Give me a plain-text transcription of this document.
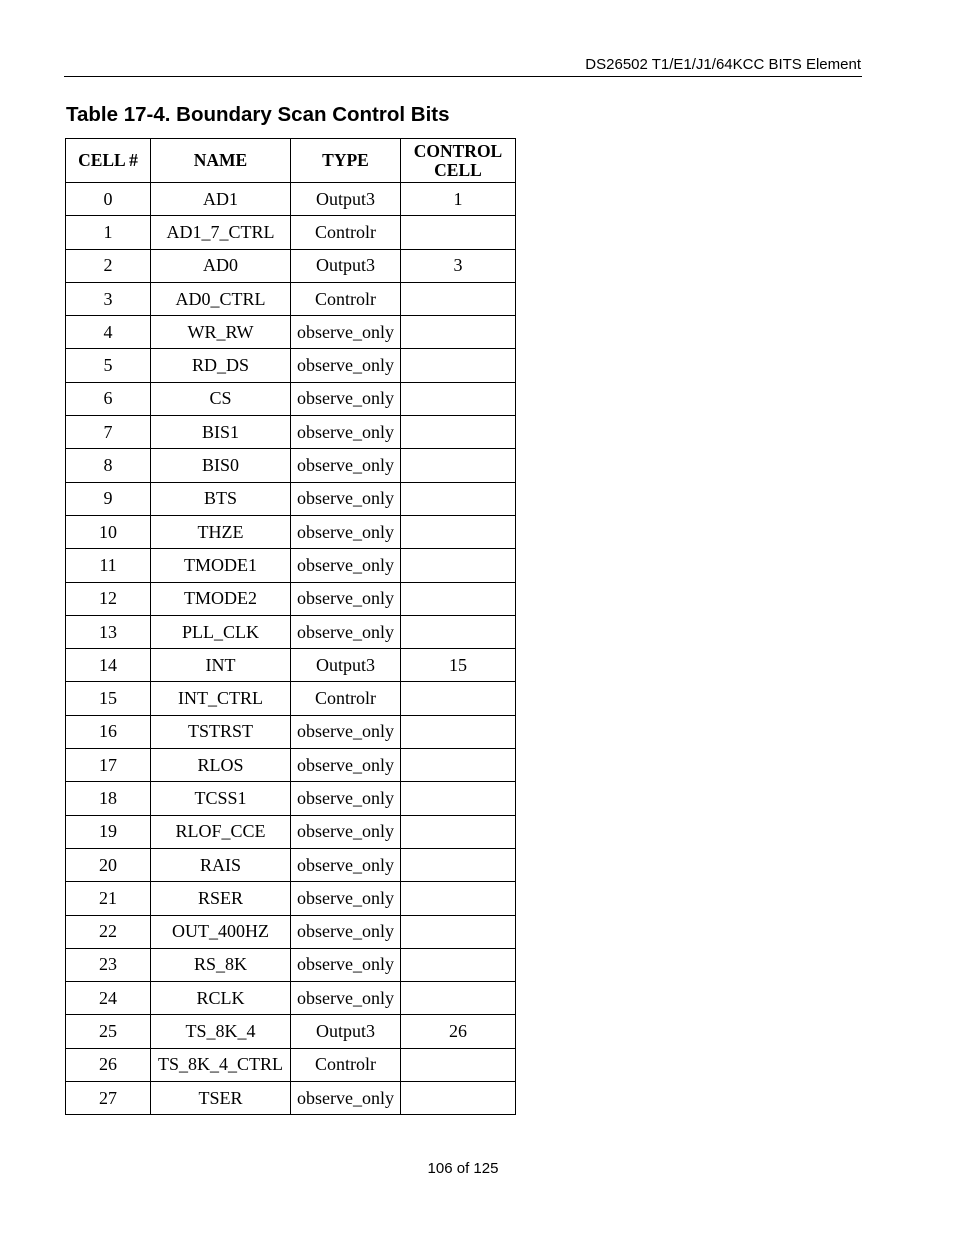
DS26502 T1/E1/J1/64KCC BITS Element
Table 17-4. Boundary Scan Control Bits
CELL #	NAME	TYPE	CONTROL CELL
0	AD1	Output3	1
1	AD1_7_CTRL	Controlr	
2	AD0	Output3	3
3	AD0_CTRL	Controlr	
4	WR_RW	observe_only	
5	RD_DS	observe_only	
6	CS	observe_only	
7	BIS1	observe_only	
8	BIS0	observe_only	
9	BTS	observe_only	
10	THZE	observe_only	
11	TMODE1	observe_only	
12	TMODE2	observe_only	
13	PLL_CLK	observe_only	
14	INT	Output3	15
15	INT_CTRL	Controlr	
16	TSTRST	observe_only	
17	RLOS	observe_only	
18	TCSS1	observe_only	
19	RLOF_CCE	observe_only	
20	RAIS	observe_only	
21	RSER	observe_only	
22	OUT_400HZ	observe_only	
23	RS_8K	observe_only	
24	RCLK	observe_only	
25	TS_8K_4	Output3	26
26	TS_8K_4_CTRL	Controlr	
27	TSER	observe_only	
106 of 125
